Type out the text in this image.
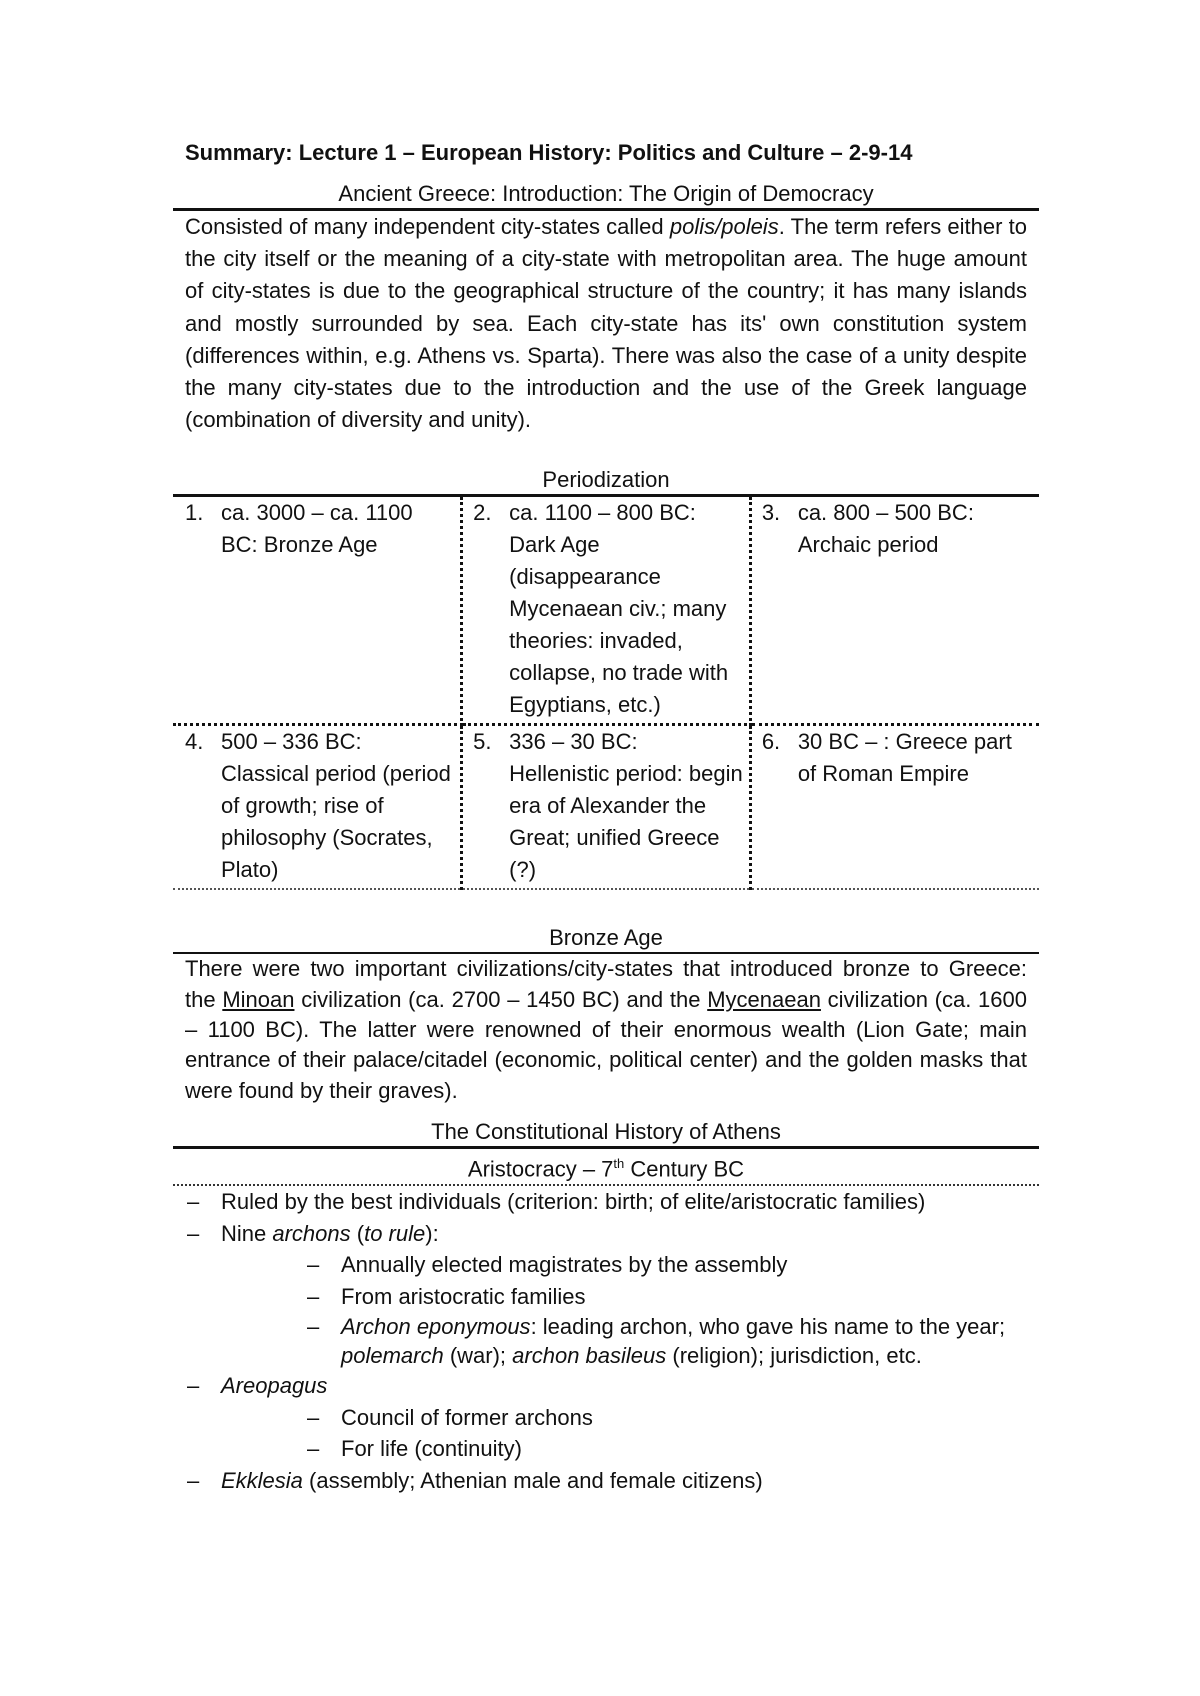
Summary: Lecture 1 – European History: Politics and Culture – 2-9-14
Ancient Greece: Introduction: The Origin of Democracy
Consisted of many independent city-states called polis/poleis. The term refers either to the city itself or the meaning of a city-state with metropolitan area. The huge amount of city-states is due to the geographical structure of the country; it has many islands and mostly surrounded by sea. Each city-state has its' own constitution system (differences within, e.g. Athens vs. Sparta). There was also the case of a unity despite the many city-states due to the introduction and the use of the Greek language (combination of diversity and unity).
Periodization
1. ca. 3000 – ca. 1100 BC: Bronze Age	2. ca. 1100 – 800 BC: Dark Age (disappearance Mycenaean civ.; many theories: invaded, collapse, no trade with Egyptians, etc.)	3. ca. 800 – 500 BC: Archaic period

4. 500 – 336 BC: Classical period (period of growth; rise of philosophy (Socrates, Plato)	5. 336 – 30 BC: Hellenistic period: begin era of Alexander the Great; unified Greece (?)	6. 30 BC – : Greece part of Roman Empire
Bronze Age
There were two important civilizations/city-states that introduced bronze to Greece: the Minoan civilization (ca. 2700 – 1450 BC) and the Mycenaean civilization (ca. 1600 – 1100 BC). The latter were renowned of their enormous wealth (Lion Gate; main entrance of their palace/citadel (economic, political center) and the golden masks that were found by their graves).
The Constitutional History of Athens
Aristocracy – 7th Century BC
– Ruled by the best individuals (criterion: birth; of elite/aristocratic families)
– Nine archons (to rule):
– Annually elected magistrates by the assembly
– From aristocratic families
– Archon eponymous: leading archon, who gave his name to the year; polemarch (war); archon basileus (religion); jurisdiction, etc.
– Areopagus
– Council of former archons
– For life (continuity)
– Ekklesia (assembly; Athenian male and female citizens)
